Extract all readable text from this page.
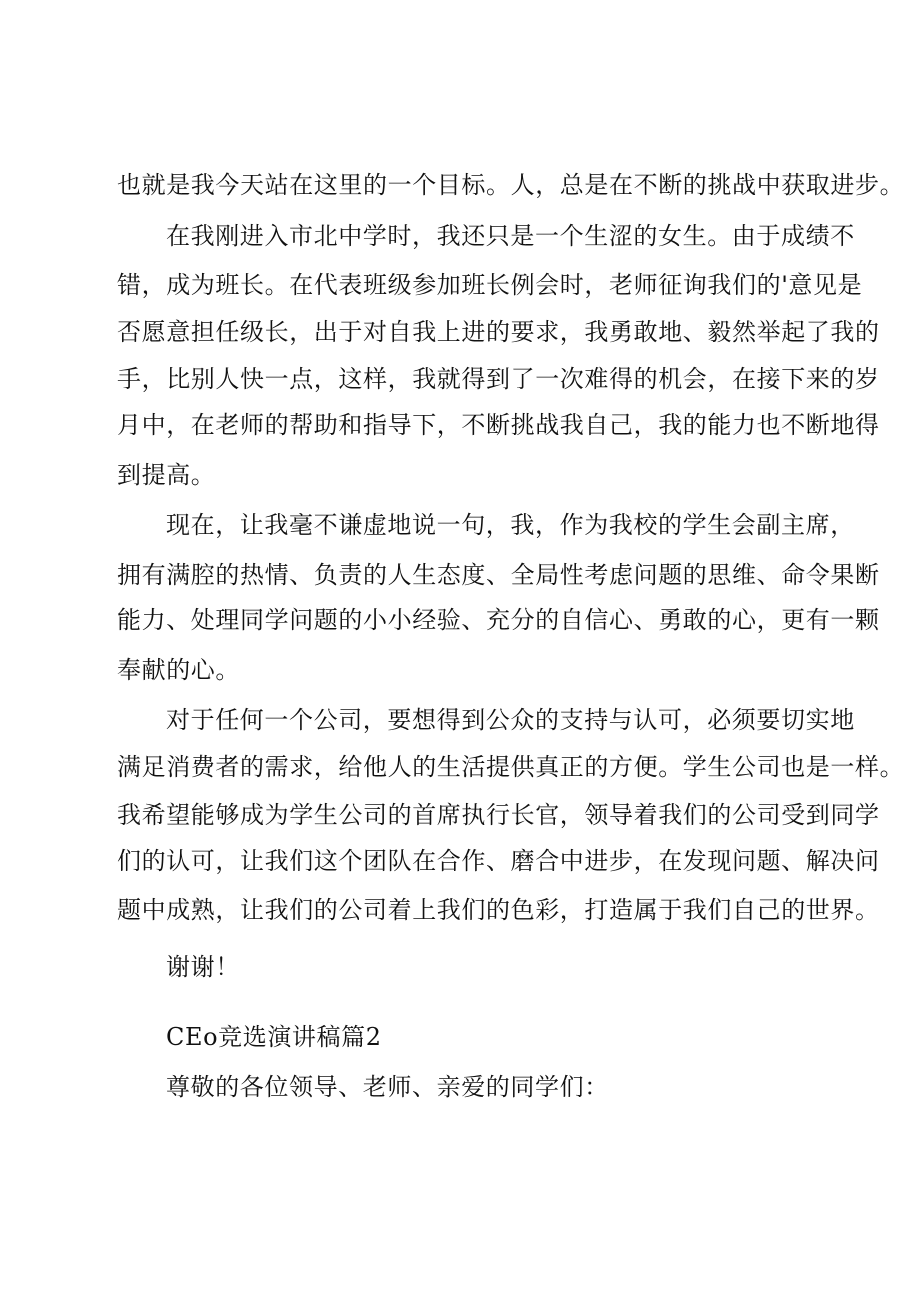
也就是我今天站在这里的一个目标。人，总是在不断的挑战中获取进步。
在我刚进入市北中学时，我还只是一个生涩的女生。由于成绩不
错，成为班长。在代表班级参加班长例会时，老师征询我们的'意见是
否愿意担任级长，出于对自我上进的要求，我勇敢地、毅然举起了我的
手，比别人快一点，这样，我就得到了一次难得的机会，在接下来的岁
月中，在老师的帮助和指导下，不断挑战我自己，我的能力也不断地得
到提高。
现在，让我毫不谦虚地说一句，我，作为我校的学生会副主席，
拥有满腔的热情、负责的人生态度、全局性考虑问题的思维、命令果断
能力、处理同学问题的小小经验、充分的自信心、勇敢的心，更有一颗
奉献的心。
对于任何一个公司，要想得到公众的支持与认可，必须要切实地
满足消费者的需求，给他人的生活提供真正的方便。学生公司也是一样。
我希望能够成为学生公司的首席执行长官，领导着我们的公司受到同学
们的认可，让我们这个团队在合作、磨合中进步，在发现问题、解决问
题中成熟，让我们的公司着上我们的色彩，打造属于我们自己的世界。
谢谢！
CEo竞选演讲稿篇2
尊敬的各位领导、老师、亲爱的同学们：
